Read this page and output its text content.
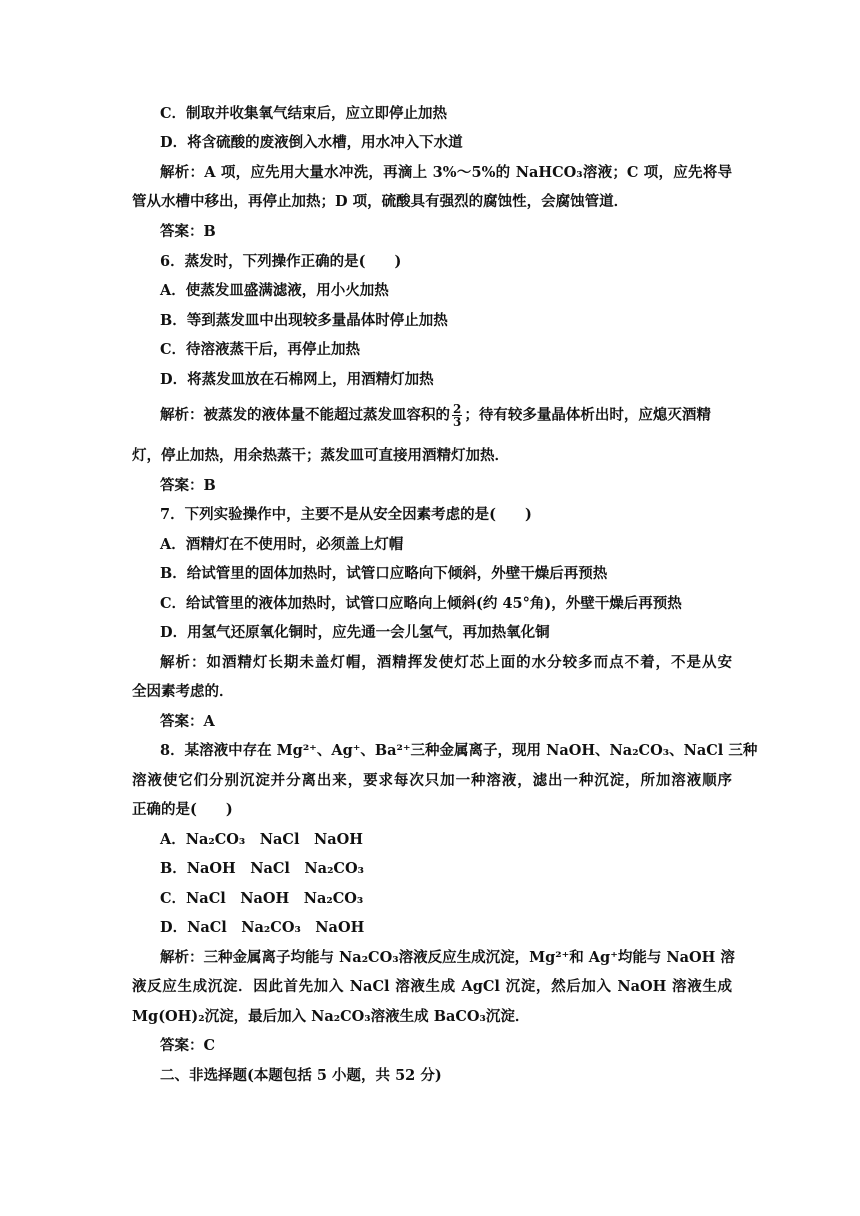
C．制取并收集氧气结束后，应立即停止加热
D．将含硫酸的废液倒入水槽，用水冲入下水道
解析：A 项，应先用大量水冲洗，再滴上 3%～5%的 NaHCO₃溶液；C 项，应先将导
管从水槽中移出，再停止加热；D 项，硫酸具有强烈的腐蚀性，会腐蚀管道．
答案：B
6．蒸发时，下列操作正确的是(　　)
A．使蒸发皿盛满滤液，用小火加热
B．等到蒸发皿中出现较多量晶体时停止加热
C．待溶液蒸干后，再停止加热
D．将蒸发皿放在石棉网上，用酒精灯加热
解析：被蒸发的液体量不能超过蒸发皿容积的 $\frac{2}{3}$ ；待有较多量晶体析出时，应熄灭酒精
灯，停止加热，用余热蒸干；蒸发皿可直接用酒精灯加热．
答案：B
7．下列实验操作中，主要不是从安全因素考虑的是(　　)
A．酒精灯在不使用时，必须盖上灯帽
B．给试管里的固体加热时，试管口应略向下倾斜，外壁干燥后再预热
C．给试管里的液体加热时，试管口应略向上倾斜(约 45°角)，外壁干燥后再预热
D．用氢气还原氧化铜时，应先通一会儿氢气，再加热氧化铜
解析：如酒精灯长期未盖灯帽，酒精挥发使灯芯上面的水分较多而点不着，不是从安
全因素考虑的．
答案：A
8．某溶液中存在 Mg²⁺、Ag⁺、Ba²⁺三种金属离子，现用 NaOH、Na₂CO₃、NaCl 三种
溶液使它们分别沉淀并分离出来，要求每次只加一种溶液，滤出一种沉淀，所加溶液顺序
正确的是(　　)
A．Na₂CO₃　NaCl　NaOH
B．NaOH　NaCl　Na₂CO₃
C．NaCl　NaOH　Na₂CO₃
D．NaCl　Na₂CO₃　NaOH
解析：三种金属离子均能与 Na₂CO₃溶液反应生成沉淀，Mg²⁺和 Ag⁺均能与 NaOH 溶
液反应生成沉淀．因此首先加入 NaCl 溶液生成 AgCl 沉淀，然后加入 NaOH 溶液生成
Mg(OH)₂沉淀，最后加入 Na₂CO₃溶液生成 BaCO₃沉淀．
答案：C
二、非选择题(本题包括 5 小题，共 52 分)
